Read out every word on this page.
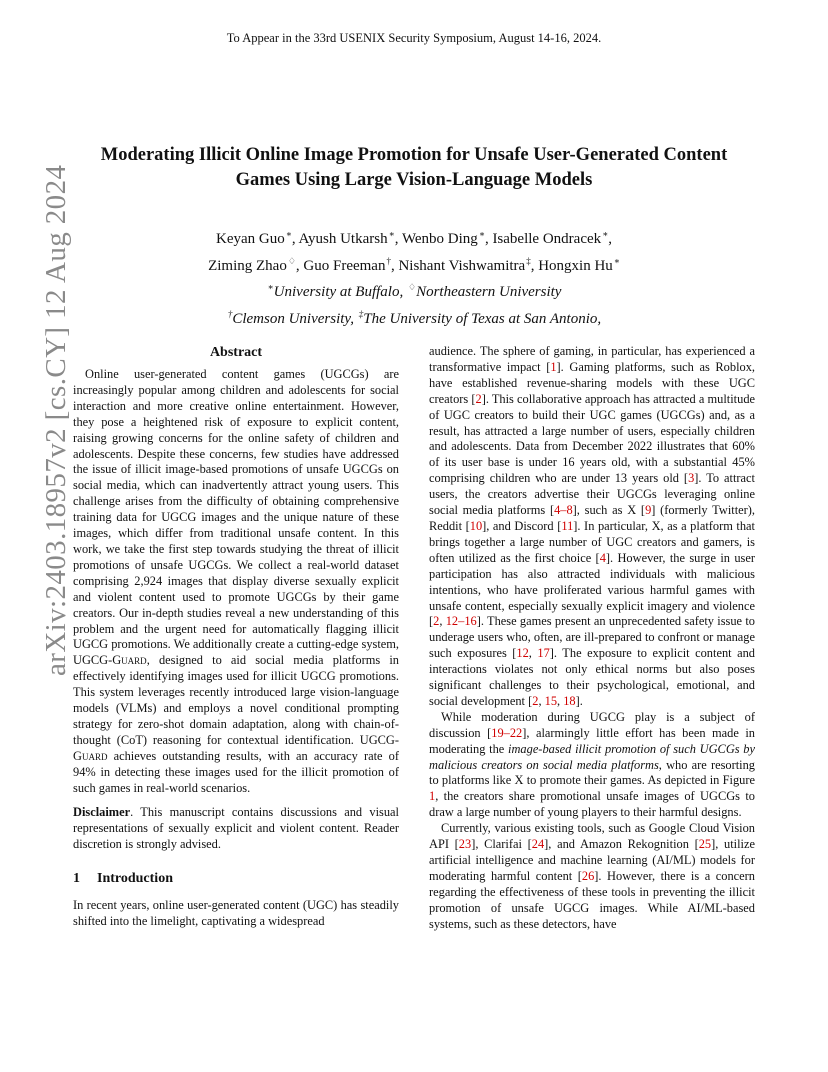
To Appear in the 33rd USENIX Security Symposium, August 14-16, 2024.
arXiv:2403.18957v2 [cs.CY] 12 Aug 2024
Moderating Illicit Online Image Promotion for Unsafe User-Generated Content
Games Using Large Vision-Language Models
Keyan Guo∗, Ayush Utkarsh∗, Wenbo Ding∗, Isabelle Ondracek∗,
Ziming Zhao♢, Guo Freeman†, Nishant Vishwamitra‡, Hongxin Hu∗
∗University at Buffalo, ♢Northeastern University
†Clemson University, ‡The University of Texas at San Antonio,
Abstract

Online user-generated content games (UGCGs) are increasingly popular among children and adolescents for social interaction and more creative online entertainment. However, they pose a heightened risk of exposure to explicit content, raising growing concerns for the online safety of children and adolescents. Despite these concerns, few studies have addressed the issue of illicit image-based promotions of unsafe UGCGs on social media, which can inadvertently attract young users. This challenge arises from the difficulty of obtaining comprehensive training data for UGCG images and the unique nature of these images, which differ from traditional unsafe content. In this work, we take the first step towards studying the threat of illicit promotions of unsafe UGCGs. We collect a real-world dataset comprising 2,924 images that display diverse sexually explicit and violent content used to promote UGCGs by their game creators. Our in-depth studies reveal a new understanding of this problem and the urgent need for automatically flagging illicit UGCG promotions. We additionally create a cutting-edge system, UGCG-Guard, designed to aid social media platforms in effectively identifying images used for illicit UGCG promotions. This system leverages recently introduced large vision-language models (VLMs) and employs a novel conditional prompting strategy for zero-shot domain adaptation, along with chain-of-thought (CoT) reasoning for contextual identification. UGCG-Guard achieves outstanding results, with an accuracy rate of 94% in detecting these images used for the illicit promotion of such games in real-world scenarios.

Disclaimer. This manuscript contains discussions and visual representations of sexually explicit and violent content. Reader discretion is strongly advised.

1 Introduction

In recent years, online user-generated content (UGC) has steadily shifted into the limelight, captivating a widespread

audience. The sphere of gaming, in particular, has experienced a transformative impact [1]. Gaming platforms, such as Roblox, have established revenue-sharing models with these UGC creators [2]. This collaborative approach has attracted a multitude of UGC creators to build their UGC games (UGCGs) and, as a result, has attracted a large number of users, especially children and adolescents. Data from December 2022 illustrates that 60% of its user base is under 16 years old, with a substantial 45% comprising children who are under 13 years old [3]. To attract users, the creators advertise their UGCGs leveraging online social media platforms [4–8], such as X [9] (formerly Twitter), Reddit [10], and Discord [11]. In particular, X, as a platform that brings together a large number of UGC creators and gamers, is often utilized as the first choice [4]. However, the surge in user participation has also attracted individuals with malicious intentions, who have proliferated various harmful games with unsafe content, especially sexually explicit imagery and violence [2, 12–16]. These games present an unprecedented safety issue to underage users who, often, are ill-prepared to confront or manage such exposures [12, 17]. The exposure to explicit content and interactions violates not only ethical norms but also poses significant challenges to their psychological, emotional, and social development [2, 15, 18].

While moderation during UGCG play is a subject of discussion [19–22], alarmingly little effort has been made in moderating the image-based illicit promotion of such UGCGs by malicious creators on social media platforms, who are resorting to platforms like X to promote their games. As depicted in Figure 1, the creators share promotional unsafe images of UGCGs to draw a large number of young players to their harmful designs.

Currently, various existing tools, such as Google Cloud Vision API [23], Clarifai [24], and Amazon Rekognition [25], utilize artificial intelligence and machine learning (AI/ML) models for moderating harmful content [26]. However, there is a concern regarding the effectiveness of these tools in preventing the illicit promotion of unsafe UGCG images. While AI/ML-based systems, such as these detectors, have
